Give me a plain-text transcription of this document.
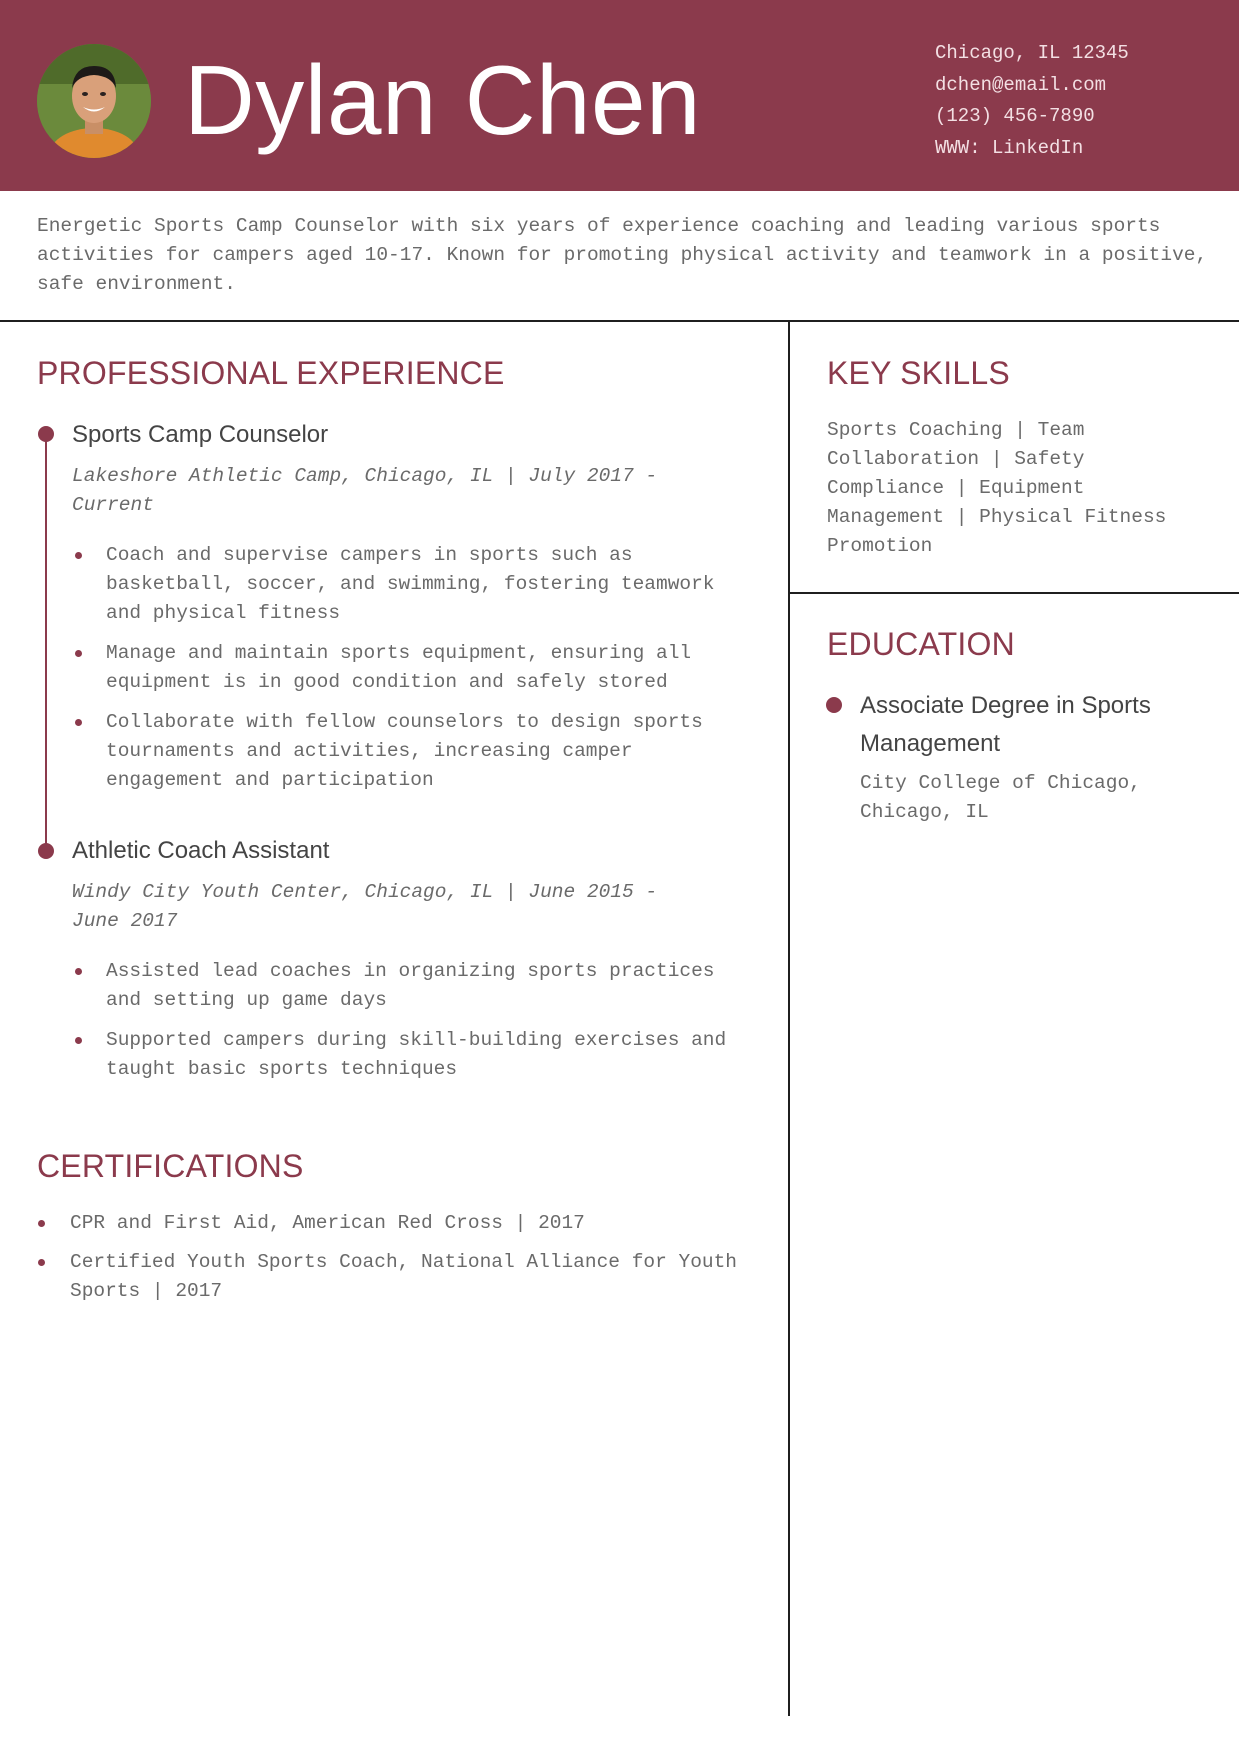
Dylan Chen	Chicago, IL 12345
dchen@email.com
(123) 456-7890
WWW: LinkedIn
Energetic Sports Camp Counselor with six years of experience coaching and leading various sports activities for campers aged 10-17. Known for promoting physical activity and teamwork in a positive, safe environment.
PROFESSIONAL EXPERIENCE
Sports Camp Counselor
Lakeshore Athletic Camp, Chicago, IL | July 2017 - Current
Coach and supervise campers in sports such as basketball, soccer, and swimming, fostering teamwork and physical fitness
Manage and maintain sports equipment, ensuring all equipment is in good condition and safely stored
Collaborate with fellow counselors to design sports tournaments and activities, increasing camper engagement and participation
Athletic Coach Assistant
Windy City Youth Center, Chicago, IL | June 2015 - June 2017
Assisted lead coaches in organizing sports practices and setting up game days
Supported campers during skill-building exercises and taught basic sports techniques
CERTIFICATIONS
CPR and First Aid, American Red Cross | 2017
Certified Youth Sports Coach, National Alliance for Youth Sports | 2017
KEY SKILLS
Sports Coaching | Team Collaboration | Safety Compliance | Equipment Management | Physical Fitness Promotion
EDUCATION
Associate Degree in Sports Management
City College of Chicago, Chicago, IL
